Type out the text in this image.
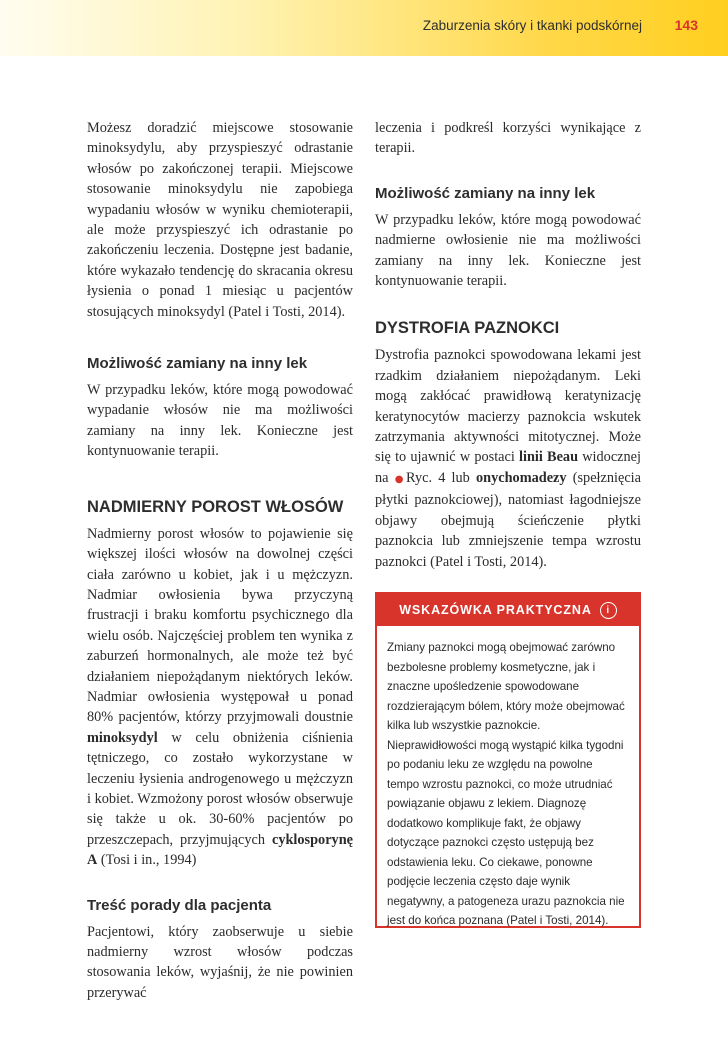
Zaburzenia skóry i tkanki podskórnej 143

Możesz doradzić miejscowe stosowanie minoksydylu, aby przyspieszyć odrastanie włosów po zakończonej terapii. Miejscowe stosowanie minoksydylu nie zapobiega wypadaniu włosów w wyniku chemioterapii, ale może przyspieszyć ich odrastanie po zakończeniu leczenia. Dostępne jest badanie, które wykazało tendencję do skracania okresu łysienia o ponad 1 miesiąc u pacjentów stosujących minoksydyl (Patel i Tosti, 2014).

Możliwość zamiany na inny lek

W przypadku leków, które mogą powodować wypadanie włosów nie ma możliwości zamiany na inny lek. Konieczne jest kontynuowanie terapii.

NADMIERNY POROST WŁOSÓW

Nadmierny porost włosów to pojawienie się większej ilości włosów na dowolnej części ciała zarówno u kobiet, jak i u mężczyzn. Nadmiar owłosienia bywa przyczyną frustracji i braku komfortu psychicznego dla wielu osób. Najczęściej problem ten wynika z zaburzeń hormonalnych, ale może też być działaniem niepożądanym niektórych leków. Nadmiar owłosienia występował u ponad 80% pacjentów, którzy przyjmowali doustnie minoksydyl w celu obniżenia ciśnienia tętniczego, co zostało wykorzystane w leczeniu łysienia androgenowego u mężczyzn i kobiet. Wzmożony porost włosów obserwuje się także u ok. 30-60% pacjentów po przeszczepach, przyjmujących cyklosporynę A (Tosi i in., 1994)

Treść porady dla pacjenta

Pacjentowi, który zaobserwuje u siebie nadmierny wzrost włosów podczas stosowania leków, wyjaśnij, że nie powinien przerywać

leczenia i podkreśl korzyści wynikające z terapii.

Możliwość zamiany na inny lek

W przypadku leków, które mogą powodować nadmierne owłosienie nie ma możliwości zamiany na inny lek. Konieczne jest kontynuowanie terapii.

DYSTROFIA PAZNOKCI

Dystrofia paznokci spowodowana lekami jest rzadkim działaniem niepożądanym. Leki mogą zakłócać prawidłową keratynizację keratynocytów macierzy paznokcia wskutek zatrzymania aktywności mitotycznej. Może się to ujawnić w postaci linii Beau widocznej na ●Ryc. 4 lub onychomadezy (spełznięcia płytki paznokciowej), natomiast łagodniejsze objawy obejmują ścieńczenie płytki paznokcia lub zmniejszenie tempa wzrostu paznokci (Patel i Tosti, 2014).

WSKAZÓWKA PRAKTYCZNA	i
Zmiany paznokci mogą obejmować zarówno bezbolesne problemy kosmetyczne, jak i znaczne upośledzenie spowodowane rozdzierającym bólem, który może obejmować kilka lub wszystkie paznokcie. Nieprawidłowości mogą wystąpić kilka tygodni po podaniu leku ze względu na powolne tempo wzrostu paznokci, co może utrudniać powiązanie objawu z lekiem. Diagnozę dodatkowo komplikuje fakt, że objawy dotyczące paznokci często ustępują bez odstawienia leku. Co ciekawe, ponowne podjęcie leczenia często daje wynik negatywny, a patogeneza urazu paznokcia nie jest do końca poznana (Patel i Tosti, 2014).
